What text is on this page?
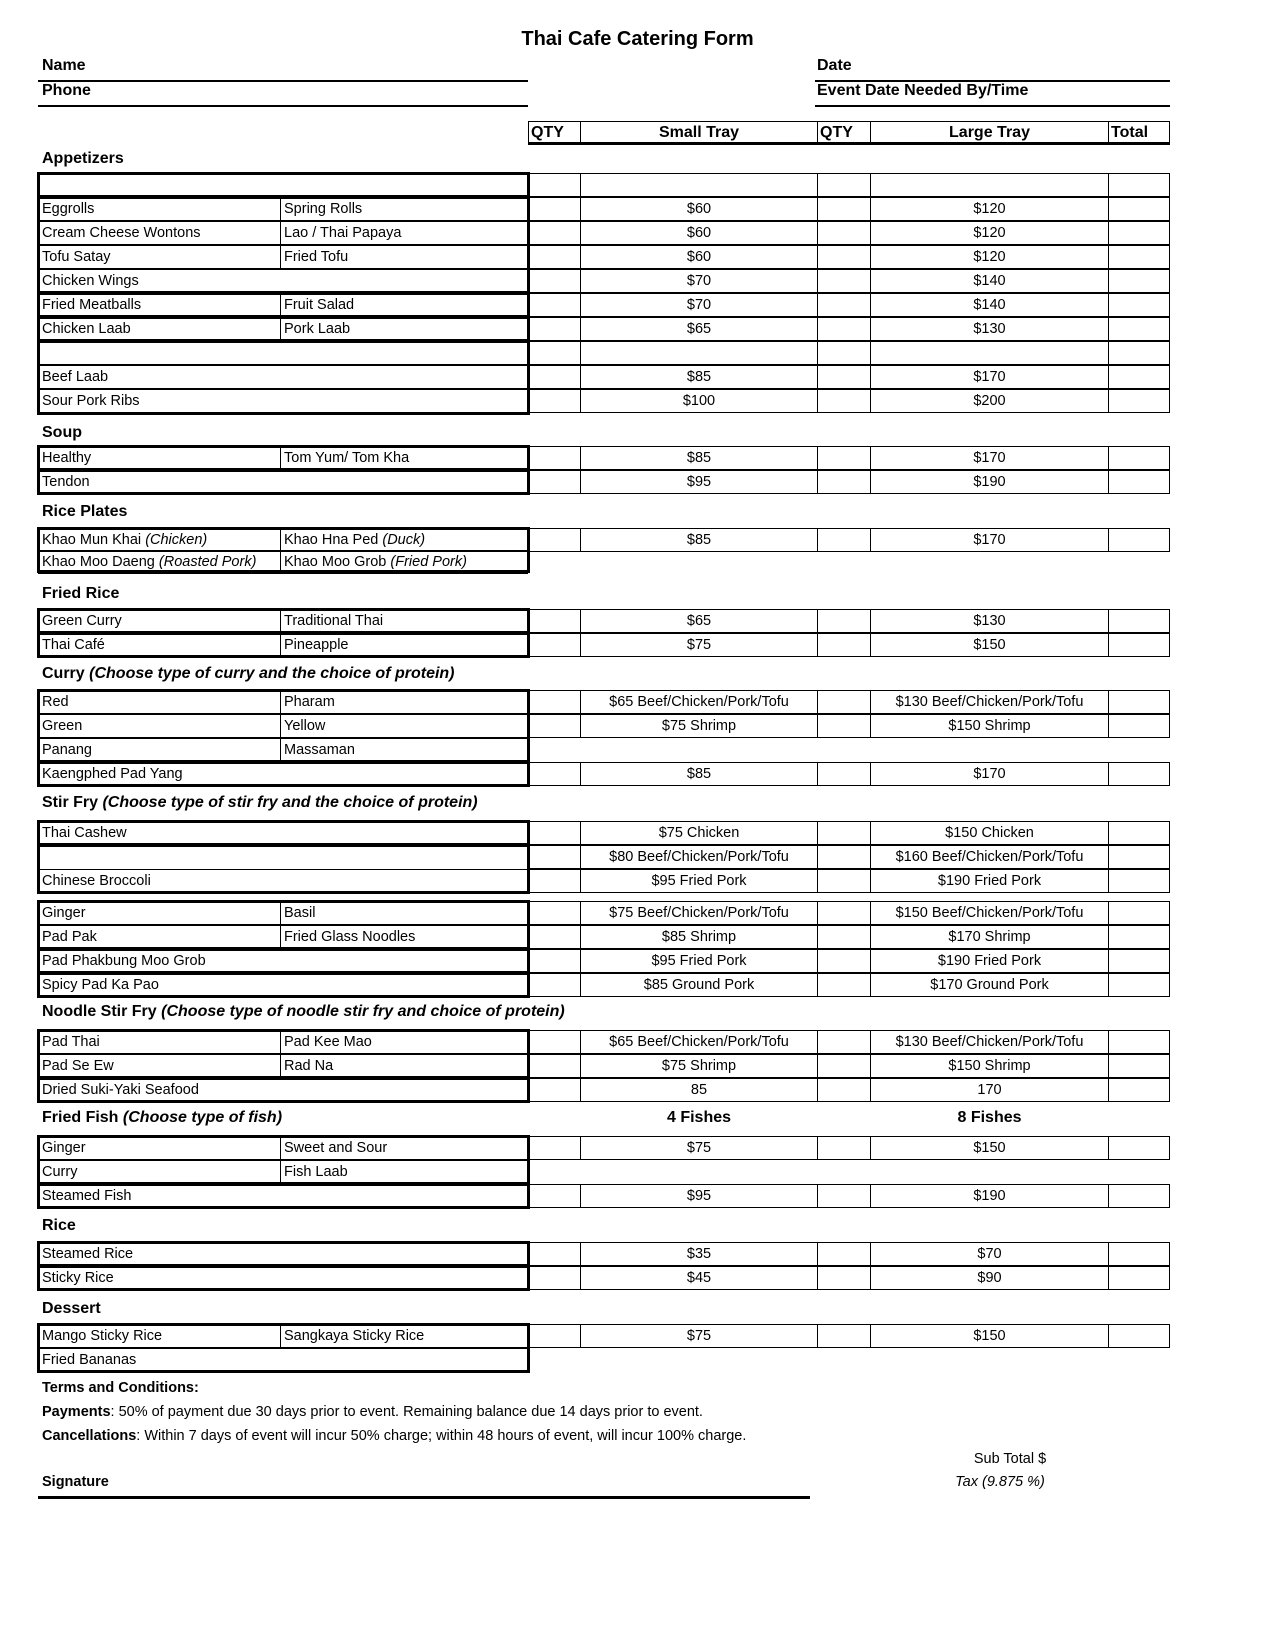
Thai Cafe Catering Form
Name
Phone
Date
Event Date Needed By/Time
QTY	Small Tray	QTY	Large Tray	Total
Appetizers
Eggrolls	Spring Rolls	$60	$120
Cream Cheese Wontons	Lao / Thai Papaya	$60	$120
Tofu Satay	Fried Tofu	$60	$120
Chicken Wings	$70	$140
Fried Meatballs	Fruit Salad	$70	$140
Chicken Laab	Pork Laab	$65	$130
Beef Laab	$85	$170
Sour Pork Ribs	$100	$200
Soup
Healthy	Tom Yum/ Tom Kha	$85	$170
Tendon	$95	$190
Rice Plates
Khao Mun Khai (Chicken)	Khao Hna Ped (Duck)	$85	$170
Khao Moo Daeng (Roasted Pork)	Khao Moo Grob (Fried Pork)
Fried Rice
Green Curry	Traditional Thai	$65	$130
Thai Café	Pineapple	$75	$150
Curry (Choose type of curry and the choice of protein)
Red	Pharam	$65 Beef/Chicken/Pork/Tofu	$130 Beef/Chicken/Pork/Tofu
Green	Yellow	$75 Shrimp	$150 Shrimp
Panang	Massaman
Kaengphed Pad Yang	$85	$170
Stir Fry (Choose type of stir fry and the choice of protein)
Thai Cashew	$75 Chicken	$150 Chicken
$80 Beef/Chicken/Pork/Tofu	$160 Beef/Chicken/Pork/Tofu
Chinese Broccoli	$95 Fried Pork	$190 Fried Pork
Ginger	Basil	$75 Beef/Chicken/Pork/Tofu	$150 Beef/Chicken/Pork/Tofu
Pad Pak	Fried Glass Noodles	$85 Shrimp	$170 Shrimp
Pad Phakbung Moo Grob	$95 Fried Pork	$190 Fried Pork
Spicy Pad Ka Pao	$85 Ground Pork	$170 Ground Pork
Noodle Stir Fry (Choose type of noodle stir fry and choice of protein)
Pad Thai	Pad Kee Mao	$65 Beef/Chicken/Pork/Tofu	$130 Beef/Chicken/Pork/Tofu
Pad Se Ew	Rad Na	$75 Shrimp	$150 Shrimp
Dried Suki-Yaki Seafood	85	170
Fried Fish (Choose type of fish)	4 Fishes	8 Fishes
Ginger	Sweet and Sour	$75	$150
Curry	Fish Laab
Steamed Fish	$95	$190
Rice
Steamed Rice	$35	$70
Sticky Rice	$45	$90
Dessert
Mango Sticky Rice	Sangkaya Sticky Rice	$75	$150
Fried Bananas
Terms and Conditions:
Payments: 50% of payment due 30 days prior to event. Remaining balance due 14 days prior to event.
Cancellations: Within 7 days of event will incur 50% charge; within 48 hours of event, will incur 100% charge.
Sub Total $
Tax (9.875 %)
Signature
